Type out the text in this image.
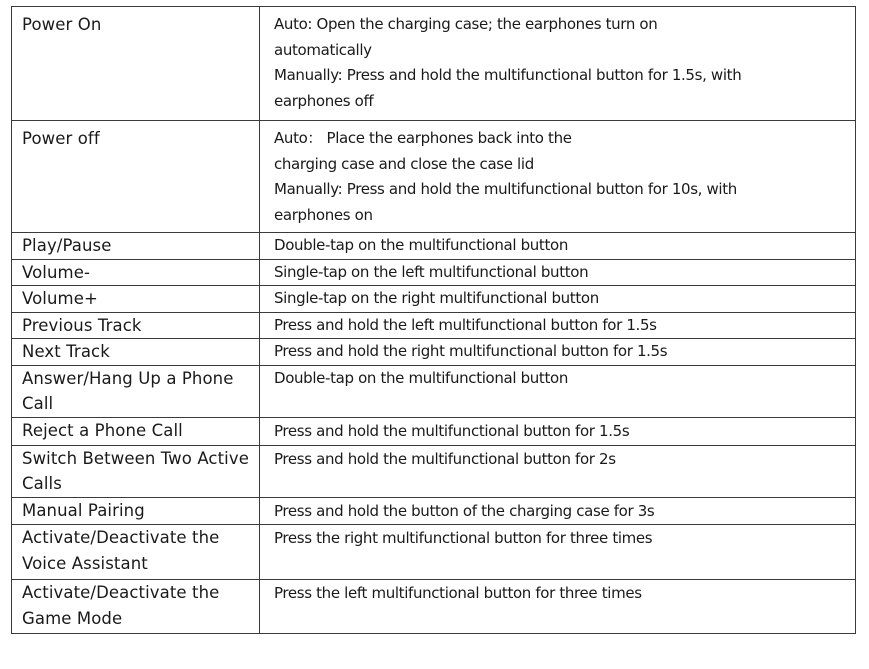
Power On	Auto: Open the charging case; the earphones turn on
automatically
Manually: Press and hold the multifunctional button for 1.5s, with
earphones off

Power off	Auto： Place the earphones back into the
charging case and close the case lid
Manually: Press and hold the multifunctional button for 10s, with
earphones on

Play/Pause	Double-tap on the multifunctional button

Volume-	Single-tap on the left multifunctional button

Volume+	Single-tap on the right multifunctional button

Previous Track	Press and hold the left multifunctional button for 1.5s

Next Track	Press and hold the right multifunctional button for 1.5s

Answer/Hang Up a Phone Call	Double-tap on the multifunctional button

Reject a Phone Call	Press and hold the multifunctional button for 1.5s

Switch Between Two Active Calls	Press and hold the multifunctional button for 2s

Manual Pairing	Press and hold the button of the charging case for 3s

Activate/Deactivate the Voice Assistant	Press the right multifunctional button for three times

Activate/Deactivate the Game Mode	Press the left multifunctional button for three times
